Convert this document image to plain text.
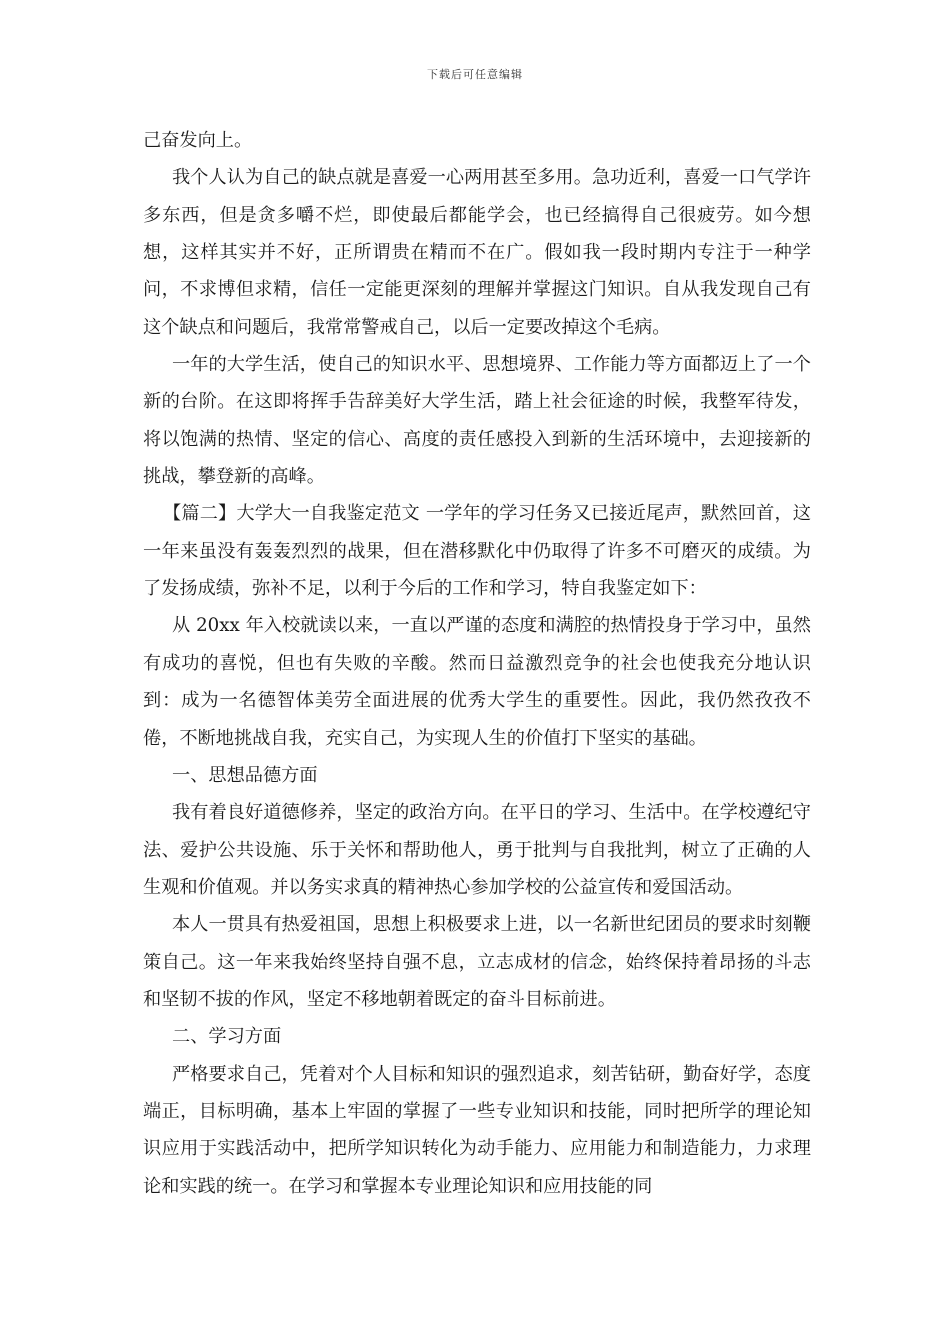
下载后可任意编辑

己奋发向上。

我个人认为自己的缺点就是喜爱一心两用甚至多用。急功近利，喜爱一口气学许多东西，但是贪多嚼不烂，即使最后都能学会，也已经搞得自己很疲劳。如今想想，这样其实并不好，正所谓贵在精而不在广。假如我一段时期内专注于一种学问，不求博但求精，信任一定能更深刻的理解并掌握这门知识。自从我发现自己有这个缺点和问题后，我常常警戒自己，以后一定要改掉这个毛病。

一年的大学生活，使自己的知识水平、思想境界、工作能力等方面都迈上了一个新的台阶。在这即将挥手告辞美好大学生活，踏上社会征途的时候，我整军待发，将以饱满的热情、坚定的信心、高度的责任感投入到新的生活环境中，去迎接新的挑战，攀登新的高峰。

【篇二】大学大一自我鉴定范文 一学年的学习任务又已接近尾声，默然回首，这一年来虽没有轰轰烈烈的战果，但在潜移默化中仍取得了许多不可磨灭的成绩。为了发扬成绩，弥补不足，以利于今后的工作和学习，特自我鉴定如下：

从 20xx 年入校就读以来，一直以严谨的态度和满腔的热情投身于学习中，虽然有成功的喜悦，但也有失败的辛酸。然而日益激烈竞争的社会也使我充分地认识到：成为一名德智体美劳全面进展的优秀大学生的重要性。因此，我仍然孜孜不倦，不断地挑战自我，充实自己，为实现人生的价值打下坚实的基础。

一、思想品德方面

我有着良好道德修养，坚定的政治方向。在平日的学习、生活中。在学校遵纪守法、爱护公共设施、乐于关怀和帮助他人，勇于批判与自我批判，树立了正确的人生观和价值观。并以务实求真的精神热心参加学校的公益宣传和爱国活动。

本人一贯具有热爱祖国，思想上积极要求上进，以一名新世纪团员的要求时刻鞭策自己。这一年来我始终坚持自强不息，立志成材的信念，始终保持着昂扬的斗志和坚韧不拔的作风，坚定不移地朝着既定的奋斗目标前进。

二、学习方面

严格要求自己，凭着对个人目标和知识的强烈追求，刻苦钻研，勤奋好学，态度端正，目标明确，基本上牢固的掌握了一些专业知识和技能，同时把所学的理论知识应用于实践活动中，把所学知识转化为动手能力、应用能力和制造能力，力求理论和实践的统一。在学习和掌握本专业理论知识和应用技能的同
